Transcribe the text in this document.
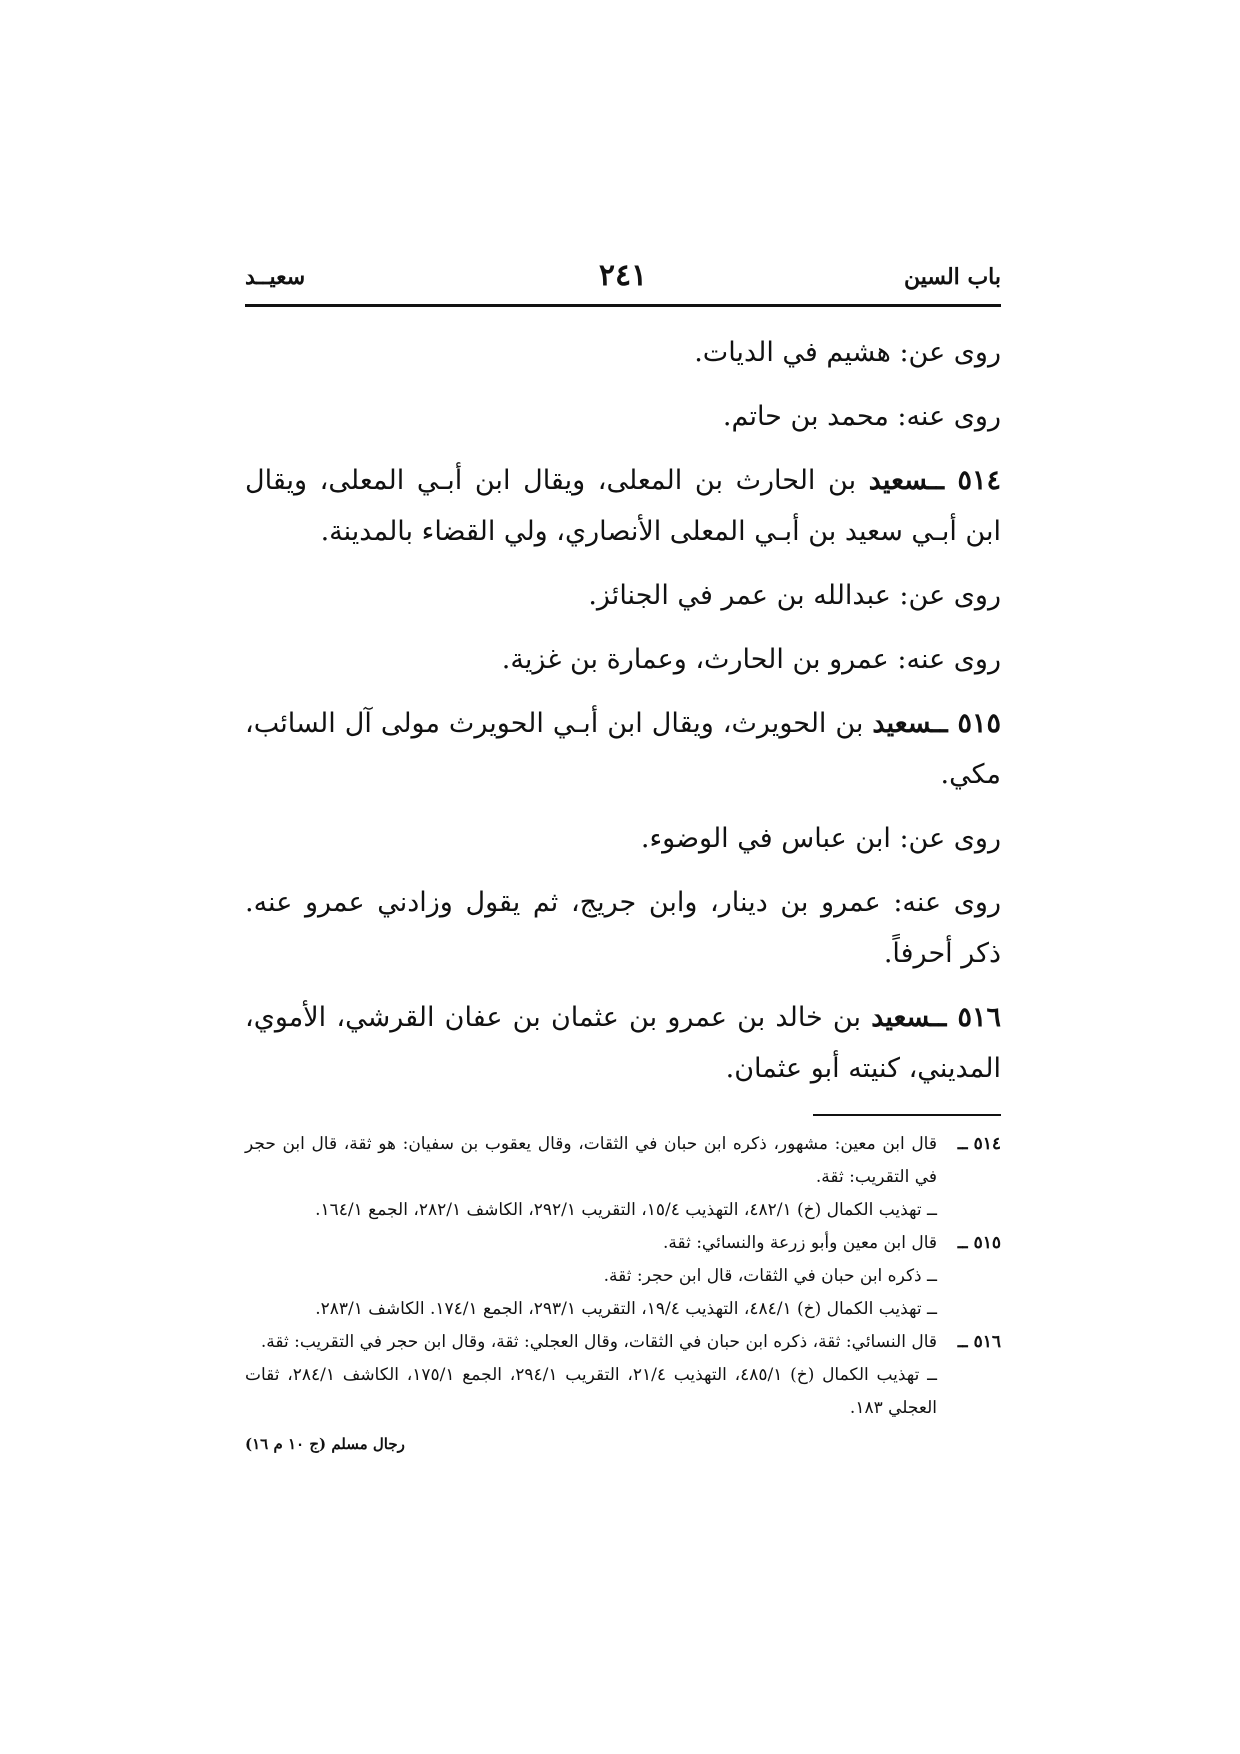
باب السين
٢٤١
سعيــد

روى عن: هشيم في الديات.

روى عنه: محمد بن حاتم.

٥١٤ ــسعيد بن الحارث بن المعلى، ويقال ابن أبـي المعلى، ويقال ابن أبـي سعيد بن أبـي المعلى الأنصاري، ولي القضاء بالمدينة.

روى عن: عبدالله بن عمر في الجنائز.

روى عنه: عمرو بن الحارث، وعمارة بن غزية.

٥١٥ ــسعيد بن الحويرث، ويقال ابن أبـي الحويرث مولى آل السائب، مكي.

روى عن: ابن عباس في الوضوء.

روى عنه: عمرو بن دينار، وابن جريج، ثم يقول وزادني عمرو عنه. ذكر أحرفاً.

٥١٦ ــسعيد بن خالد بن عمرو بن عثمان بن عفان القرشي، الأموي، المديني، كنيته أبو عثمان.

٥١٤ ــ
قال ابن معين: مشهور، ذكره ابن حبان في الثقات، وقال يعقوب بن سفيان: هو ثقة، قال ابن حجر في التقريب: ثقة.
ــ تهذيب الكمال (خ) ٤٨٢/١، التهذيب ١٥/٤، التقريب ٢٩٢/١، الكاشف ٢٨٢/١، الجمع ١٦٤/١.
٥١٥ ــ
قال ابن معين وأبو زرعة والنسائي: ثقة.
ــ ذكره ابن حبان في الثقات، قال ابن حجر: ثقة.
ــ تهذيب الكمال (خ) ٤٨٤/١، التهذيب ١٩/٤، التقريب ٢٩٣/١، الجمع ١٧٤/١. الكاشف ٢٨٣/١.
٥١٦ ــ
قال النسائي: ثقة، ذكره ابن حبان في الثقات، وقال العجلي: ثقة، وقال ابن حجر في التقريب: ثقة.
ــ تهذيب الكمال (خ) ٤٨٥/١، التهذيب ٢١/٤، التقريب ٢٩٤/١، الجمع ١٧٥/١، الكاشف ٢٨٤/١، ثقات العجلي ١٨٣.
رجال مسلم (ج ١٠ م ١٦)
